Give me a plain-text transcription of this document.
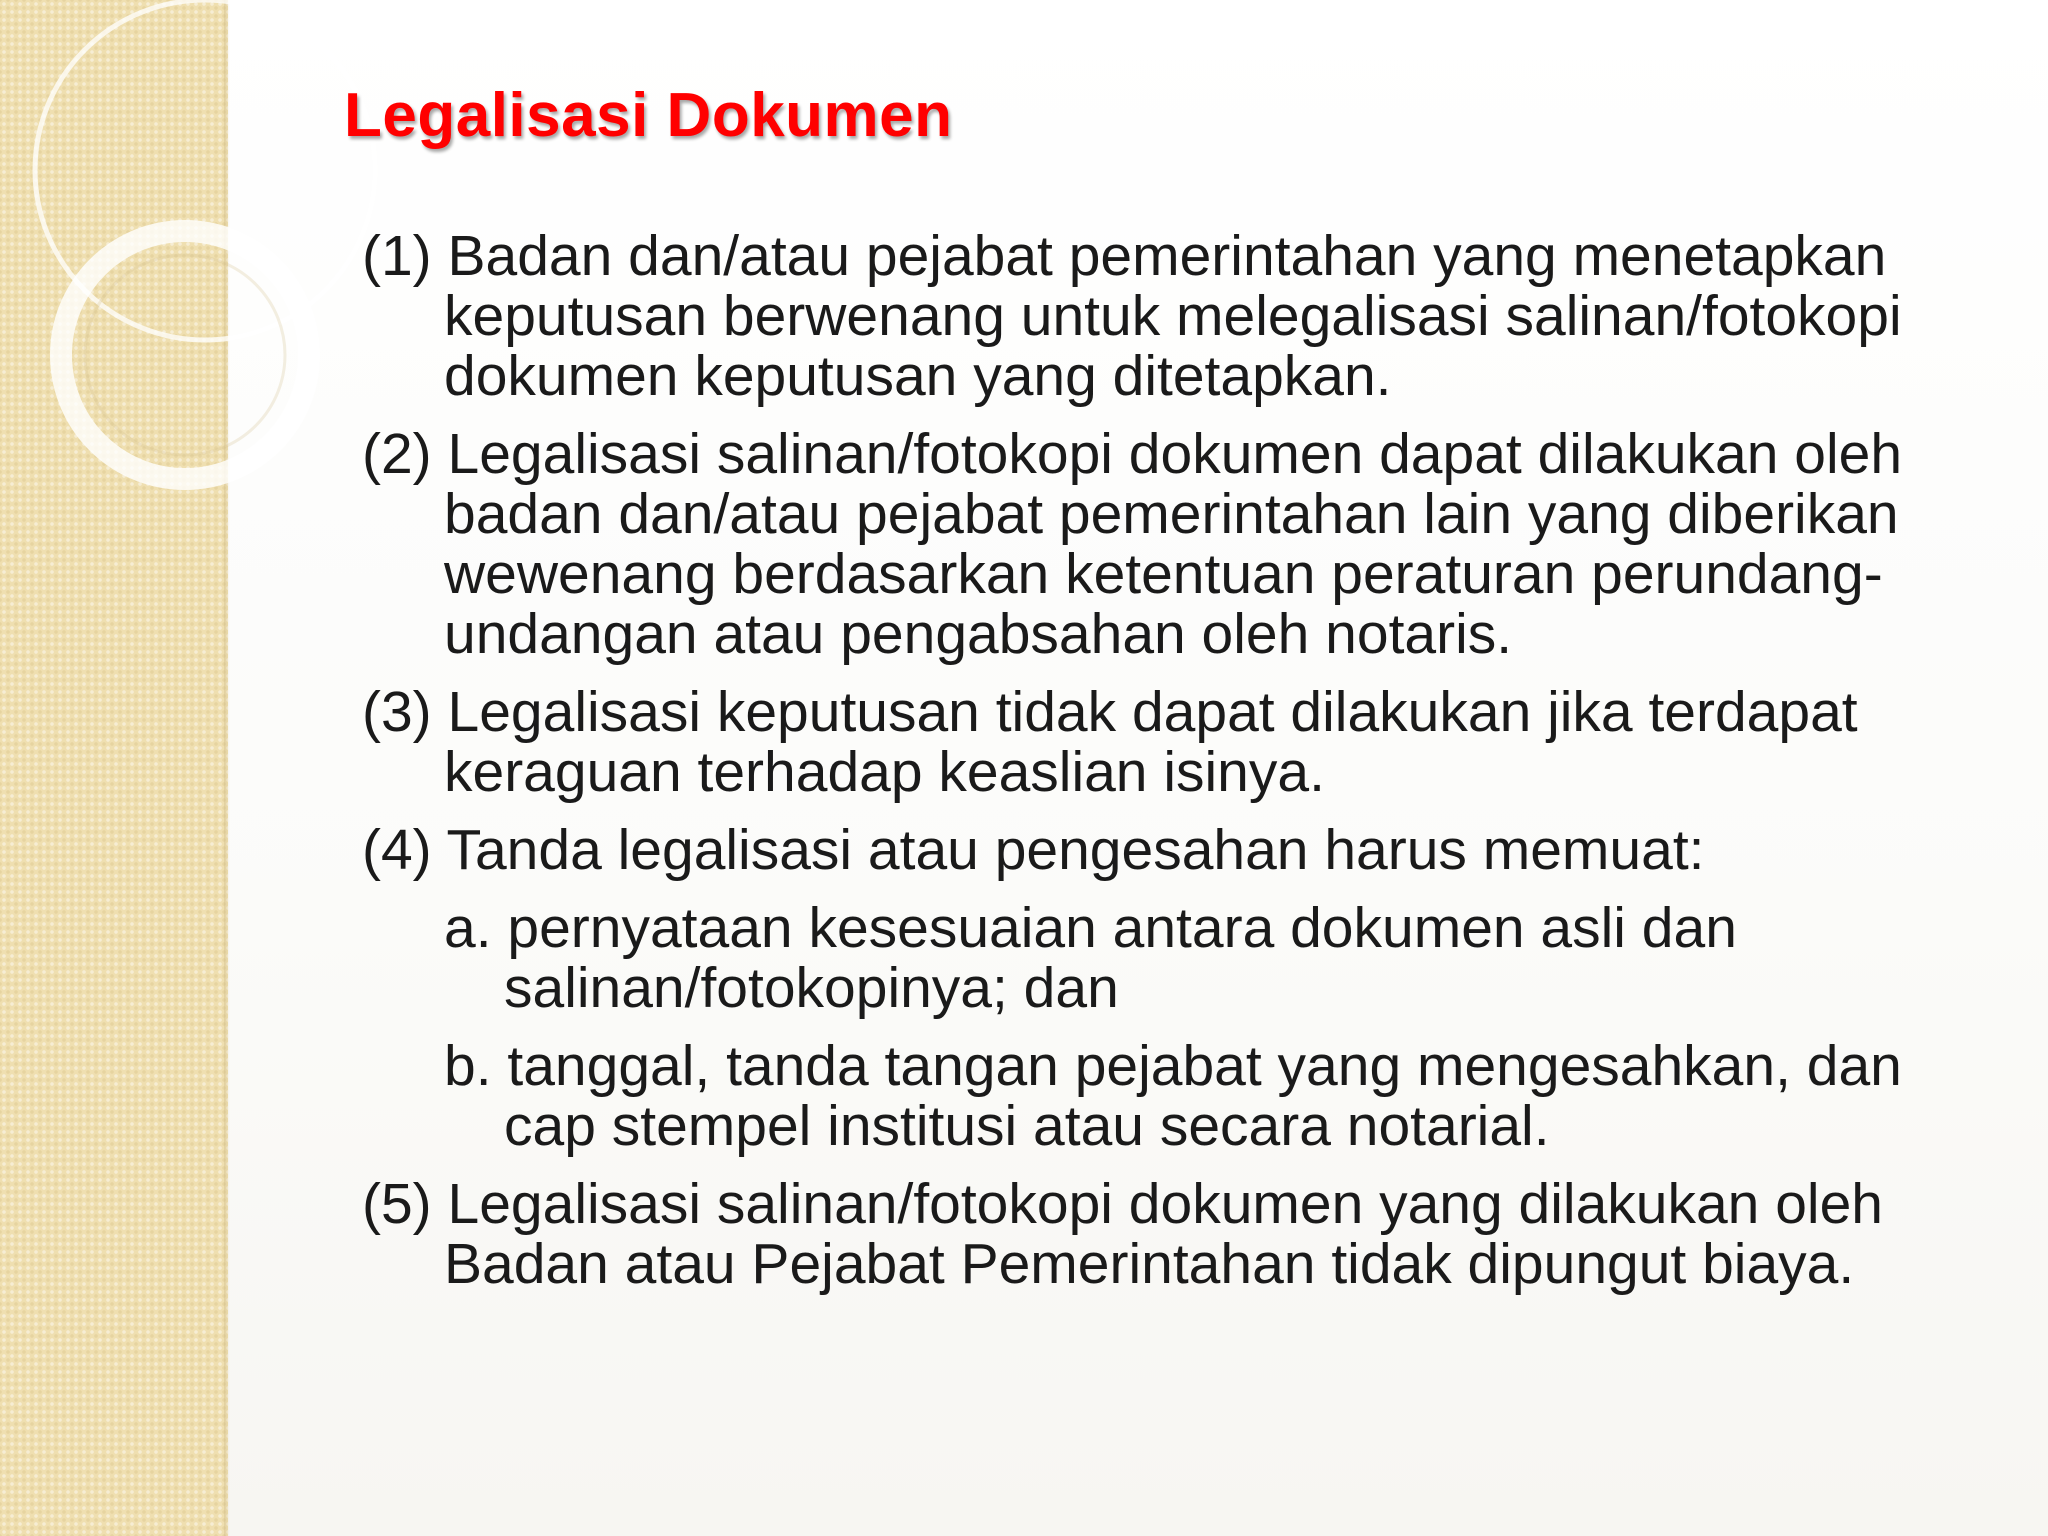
Legalisasi Dokumen

(1) Badan dan/atau pejabat pemerintahan yang menetapkan keputusan berwenang untuk melegalisasi salinan/fotokopi dokumen keputusan yang ditetapkan.

(2) Legalisasi salinan/fotokopi dokumen dapat dilakukan oleh badan dan/atau pejabat pemerintahan lain yang diberikan wewenang berdasarkan ketentuan peraturan perundang-undangan atau pengabsahan oleh notaris.

(3) Legalisasi keputusan tidak dapat dilakukan jika terdapat keraguan terhadap keaslian isinya.

(4) Tanda legalisasi atau pengesahan harus memuat:

a. pernyataan kesesuaian antara dokumen asli dan salinan/fotokopinya; dan

b. tanggal, tanda tangan pejabat yang mengesahkan, dan cap stempel institusi atau secara notarial.

(5) Legalisasi salinan/fotokopi dokumen yang dilakukan oleh Badan atau Pejabat Pemerintahan tidak dipungut biaya.
